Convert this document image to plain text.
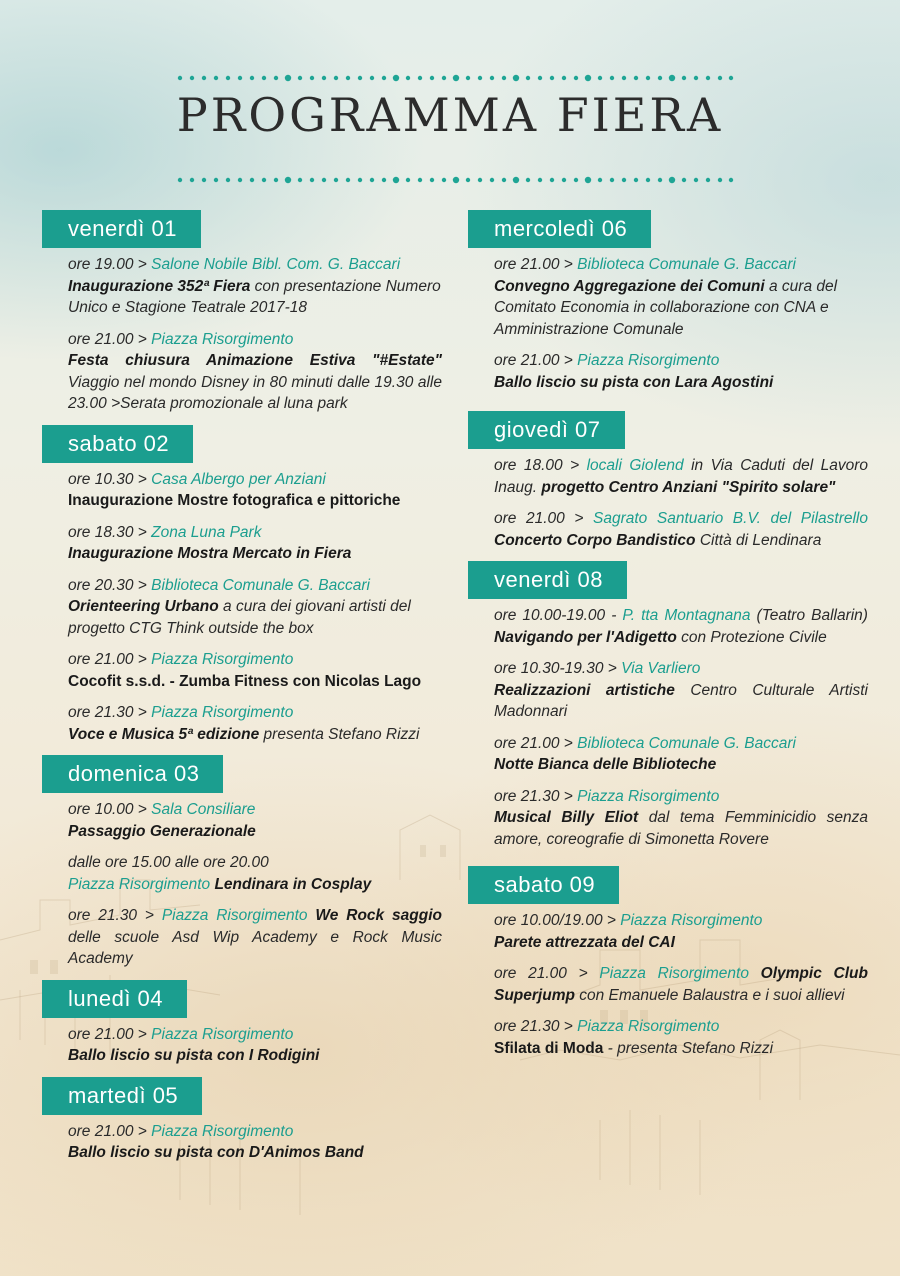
PROGRAMMA FIERA
venerdì 01
ore 19.00 > Salone Nobile Bibl. Com. G. Baccari
Inaugurazione 352ª Fiera con presentazione Numero Unico e Stagione Teatrale 2017-18
ore 21.00 > Piazza Risorgimento
Festa chiusura Animazione Estiva "#Estate" Viaggio nel mondo Disney in 80 minuti dalle 19.30 alle 23.00 >Serata promozionale al luna park
sabato 02
ore 10.30 > Casa Albergo per Anziani
Inaugurazione Mostre fotografica e pittoriche
ore 18.30 > Zona Luna Park
Inaugurazione Mostra Mercato in Fiera
ore 20.30 > Biblioteca Comunale G. Baccari
Orienteering Urbano a cura dei giovani artisti del progetto CTG Think outside the box
ore 21.00 > Piazza Risorgimento
Cocofit s.s.d. - Zumba Fitness con Nicolas Lago
ore 21.30 > Piazza Risorgimento
Voce e Musica 5ª edizione presenta Stefano Rizzi
domenica 03
ore 10.00 > Sala Consiliare
Passaggio Generazionale
dalle ore 15.00 alle ore 20.00
Piazza Risorgimento Lendinara in Cosplay
ore 21.30 > Piazza Risorgimento We Rock saggio delle scuole Asd Wip Academy e Rock Music Academy
lunedì 04
ore 21.00 > Piazza Risorgimento
Ballo liscio su pista con I Rodigini
martedì 05
ore 21.00 > Piazza Risorgimento
Ballo liscio su pista con D'Animos Band
mercoledì 06
ore 21.00 > Biblioteca Comunale G. Baccari
Convegno Aggregazione dei Comuni a cura del Comitato Economia in collaborazione con CNA e Amministrazione Comunale
ore 21.00 > Piazza Risorgimento
Ballo liscio su pista con Lara Agostini
giovedì 07
ore 18.00 > locali GioIend in Via Caduti del Lavoro Inaug. progetto Centro Anziani "Spirito solare"
ore 21.00 > Sagrato Santuario B.V. del Pilastrello Concerto Corpo Bandistico Città di Lendinara
venerdì 08
ore 10.00-19.00 - P. tta Montagnana (Teatro Ballarin) Navigando per l'Adigetto con Protezione Civile
ore 10.30-19.30 > Via Varliero
Realizzazioni artistiche Centro Culturale Artisti Madonnari
ore 21.00 > Biblioteca Comunale G. Baccari
Notte Bianca delle Biblioteche
ore 21.30 > Piazza Risorgimento
Musical Billy Eliot dal tema Femminicidio senza amore, coreografie di Simonetta Rovere
sabato 09
ore 10.00/19.00 > Piazza Risorgimento
Parete attrezzata del CAI
ore 21.00 > Piazza Risorgimento Olympic Club Superjump con Emanuele Balaustra e i suoi allievi
ore 21.30 > Piazza Risorgimento
Sfilata di Moda - presenta Stefano Rizzi
